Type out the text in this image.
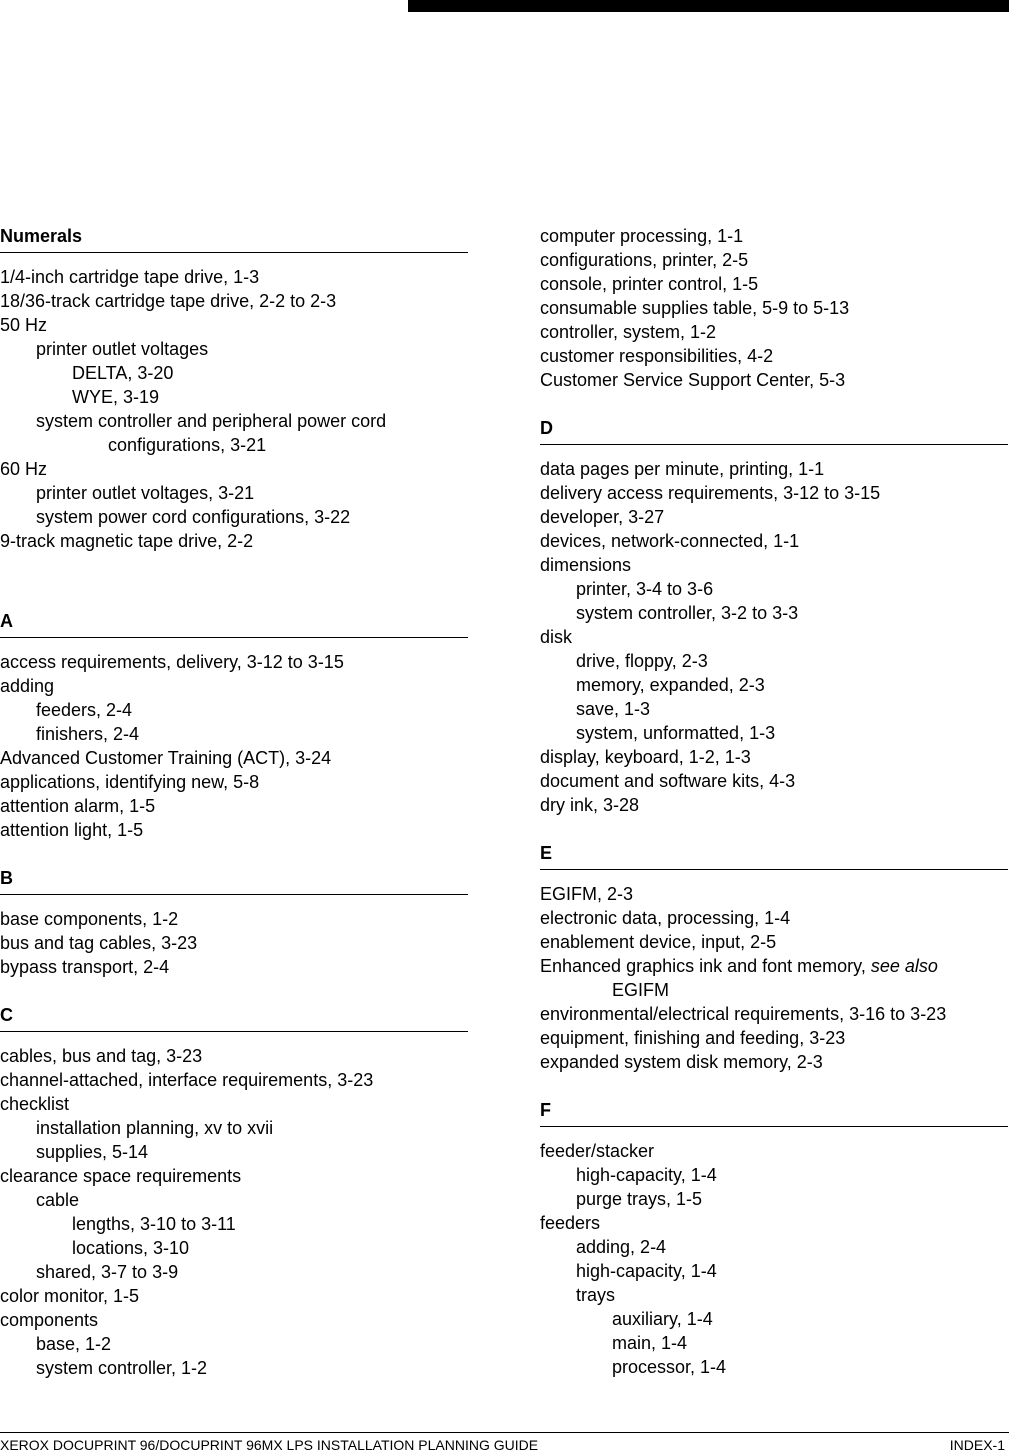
Numerals
1/4-inch cartridge tape drive, 1-3
18/36-track cartridge tape drive, 2-2 to 2-3
50 Hz
printer outlet voltages
DELTA, 3-20
WYE, 3-19
system controller and peripheral power cord
configurations, 3-21
60 Hz
printer outlet voltages, 3-21
system power cord configurations, 3-22
9-track magnetic tape drive, 2-2
A
access requirements, delivery, 3-12 to 3-15
adding
feeders, 2-4
finishers, 2-4
Advanced Customer Training (ACT), 3-24
applications, identifying new, 5-8
attention alarm, 1-5
attention light, 1-5
B
base components, 1-2
bus and tag cables, 3-23
bypass transport, 2-4
C
cables, bus and tag, 3-23
channel-attached, interface requirements, 3-23
checklist
installation planning, xv to xvii
supplies, 5-14
clearance space requirements
cable
lengths, 3-10 to 3-11
locations, 3-10
shared, 3-7 to 3-9
color monitor, 1-5
components
base, 1-2
system controller, 1-2
computer processing, 1-1
configurations, printer, 2-5
console, printer control, 1-5
consumable supplies table, 5-9 to 5-13
controller, system, 1-2
customer responsibilities, 4-2
Customer Service Support Center, 5-3
D
data pages per minute, printing, 1-1
delivery access requirements, 3-12 to 3-15
developer, 3-27
devices, network-connected, 1-1
dimensions
printer, 3-4 to 3-6
system controller, 3-2 to 3-3
disk
drive, floppy, 2-3
memory, expanded, 2-3
save, 1-3
system, unformatted, 1-3
display, keyboard, 1-2, 1-3
document and software kits, 4-3
dry ink, 3-28
E
EGIFM, 2-3
electronic data, processing, 1-4
enablement device, input, 2-5
Enhanced graphics ink and font memory, see also
EGIFM
environmental/electrical requirements, 3-16 to 3-23
equipment, finishing and feeding, 3-23
expanded system disk memory, 2-3
F
feeder/stacker
high-capacity, 1-4
purge trays, 1-5
feeders
adding, 2-4
high-capacity, 1-4
trays
auxiliary, 1-4
main, 1-4
processor, 1-4
XEROX DOCUPRINT 96/DOCUPRINT 96MX LPS INSTALLATION PLANNING GUIDE	INDEX-1
